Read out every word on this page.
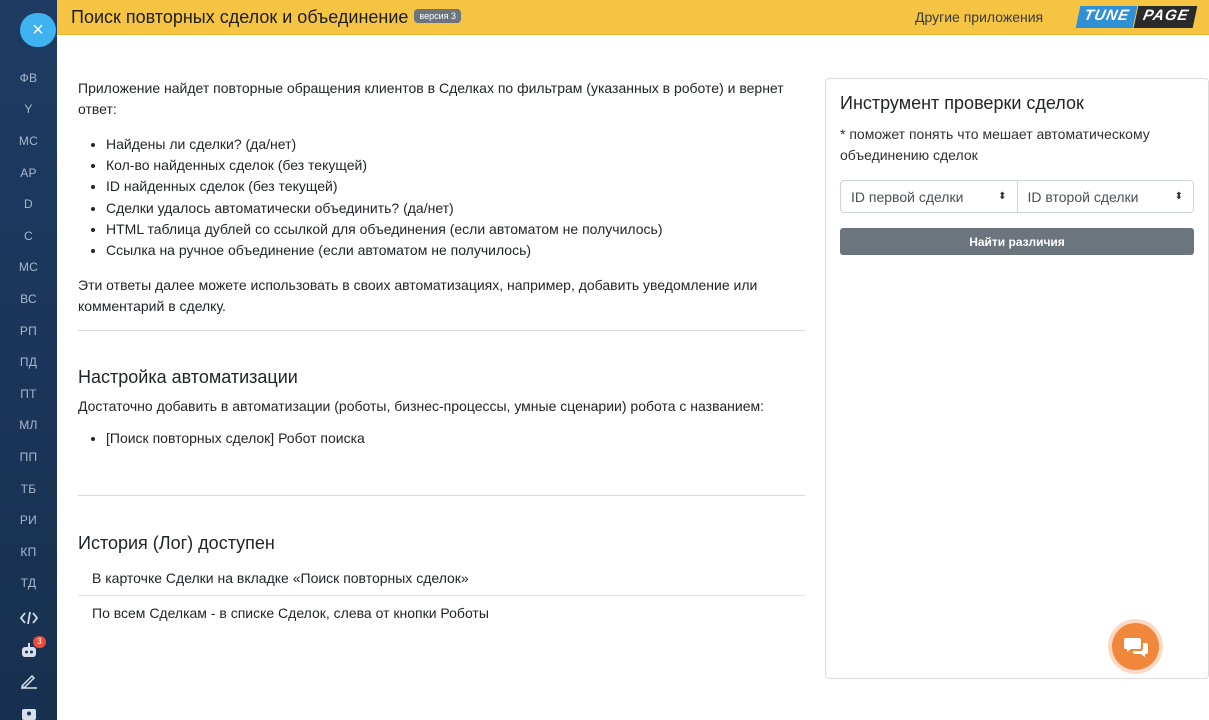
×
ФВ
Y
МС
АР
D
С
МС
ВС
РП
ПД
ПТ
МЛ
ПП
ТБ
РИ
КП
ТД
3
Поиск повторных сделок и объединение версия 3	Другие приложения	TUNE PAGE

Приложение найдет повторные обращения клиентов в Сделках по фильтрам (указанных в роботе) и вернет ответ:

• Найдены ли сделки? (да/нет)
• Кол-во найденных сделок (без текущей)
• ID найденных сделок (без текущей)
• Сделки удалось автоматически объединить? (да/нет)
• HTML таблица дублей со ссылкой для объединения (если автоматом не получилось)
• Ссылка на ручное объединение (если автоматом не получилось)

Эти ответы далее можете использовать в своих автоматизациях, например, добавить уведомление или комментарий в сделку.

Настройка автоматизации

Достаточно добавить в автоматизации (роботы, бизнес-процессы, умные сценарии) робота с названием:

• [Поиск повторных сделок] Робот поиска
История (Лог) доступен
В карточке Сделки на вкладке «Поиск повторных сделок»
По всем Сделкам - в списке Сделок, слева от кнопки Роботы
Инструмент проверки сделок
* поможет понять что мешает автоматическому объединению сделок
ID первой сделки	⬍ ID второй сделки	⬍
Найти различия
